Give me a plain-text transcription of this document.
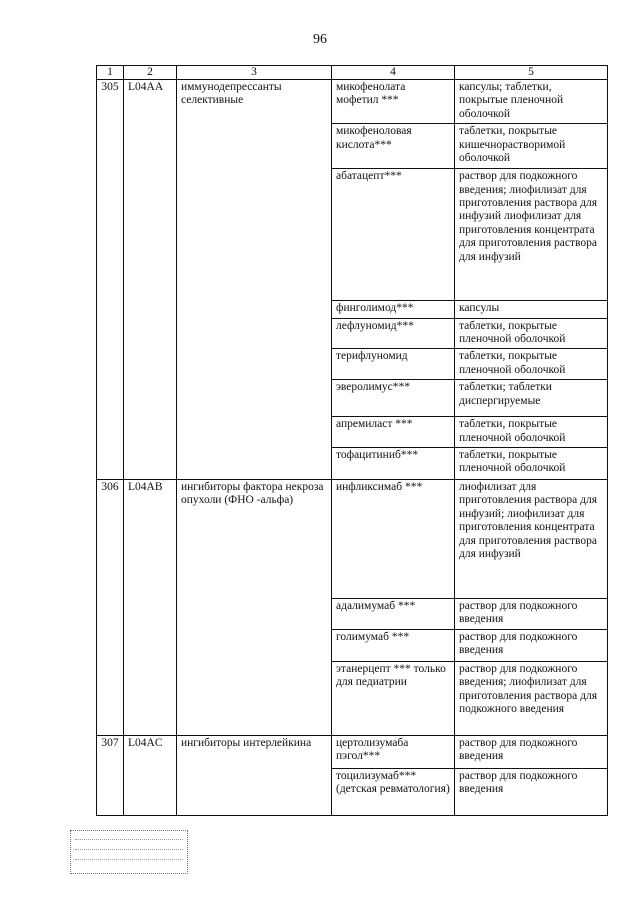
96
1	2	3	4	5
305	L04AA	иммунодепрессанты селективные	микофенолата мофетил ***	капсулы; таблетки, покрытые пленочной оболочкой
			микофеноловая кислота***	таблетки, покрытые кишечнорастворимой оболочкой
			абатацепт***	раствор для подкожного введения; лиофилизат для приготовления раствора для инфузий лиофилизат для приготовления концентрата для приготовления раствора для инфузий
			финголимод***	капсулы
			лефлуномид***	таблетки, покрытые пленочной оболочкой
			терифлуномид	таблетки, покрытые пленочной оболочкой
			эверолимус***	таблетки; таблетки диспергируемые
			апремиласт ***	таблетки, покрытые пленочной оболочкой
			тофацитиниб***	таблетки, покрытые пленочной оболочкой
306	L04AB	ингибиторы фактора некроза опухоли (ФНО -альфа)	инфликсимаб ***	лиофилизат для приготовления раствора для инфузий; лиофилизат для приготовления концентрата для приготовления раствора для инфузий
			адалимумаб ***	раствор для подкожного введения
			голимумаб ***	раствор для подкожного введения
			этанерцепт *** только для педиатрии	раствор для подкожного введения; лиофилизат для приготовления раствора для подкожного введения
307	L04AC	ингибиторы интерлейкина	цертолизумаба пэгол***	раствор для подкожного введения
			тоцилизумаб*** (детская ревматология)	раствор для подкожного введения
